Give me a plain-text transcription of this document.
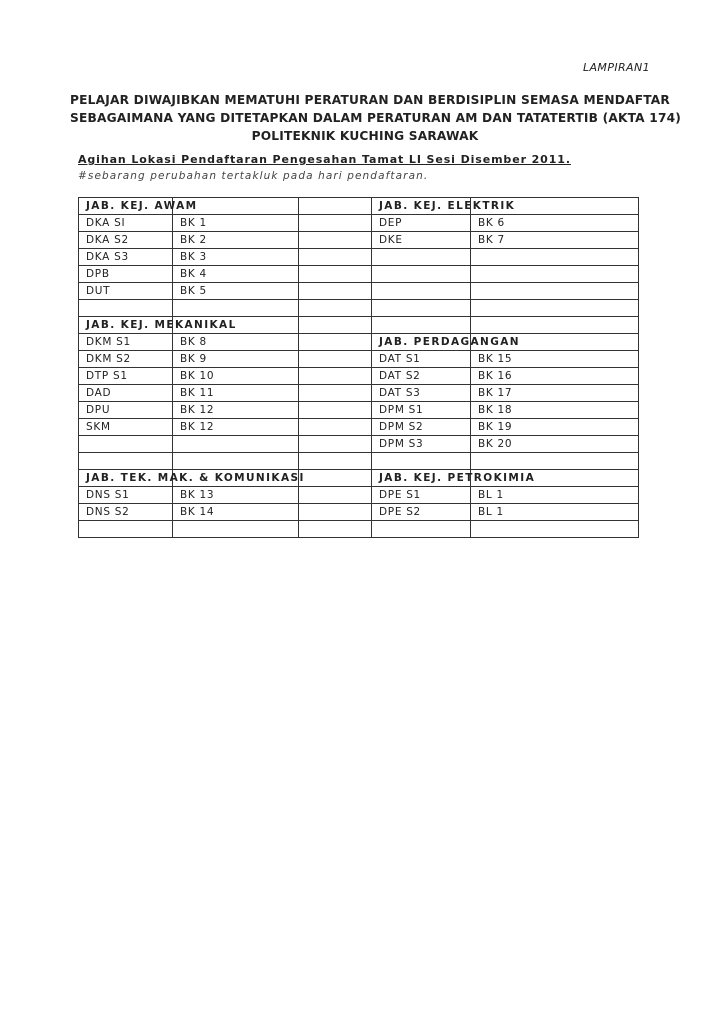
LAMPIRAN1
PELAJAR DIWAJIBKAN MEMATUHI PERATURAN DAN BERDISIPLIN SEMASA MENDAFTAR
SEBAGAIMANA YANG DITETAPKAN DALAM PERATURAN AM DAN TATATERTIB (AKTA 174)
POLITEKNIK KUCHING SARAWAK
Agihan Lokasi Pendaftaran Pengesahan Tamat LI Sesi Disember 2011.
#sebarang perubahan tertakluk pada hari pendaftaran.
JAB. KEJ. AWAM			JAB. KEJ. ELEKTRIK	
DKA SI	BK 1		DEP	BK 6
DKA S2	BK 2		DKE	BK 7
DKA S3	BK 3			
DPB	BK 4			
DUT	BK 5			

JAB. KEJ. MEKANIKAL				
DKM S1	BK 8		JAB. PERDAGANGAN	
DKM S2	BK 9		DAT S1	BK 15
DTP S1	BK 10		DAT S2	BK 16
DAD	BK 11		DAT S3	BK 17
DPU	BK 12		DPM S1	BK 18
SKM	BK 12		DPM S2	BK 19
			DPM S3	BK 20

JAB. TEK. MAK. & KOMUNIKASI			JAB. KEJ. PETROKIMIA	
DNS S1	BK 13		DPE S1	BL 1
DNS S2	BK 14		DPE S2	BL 1
